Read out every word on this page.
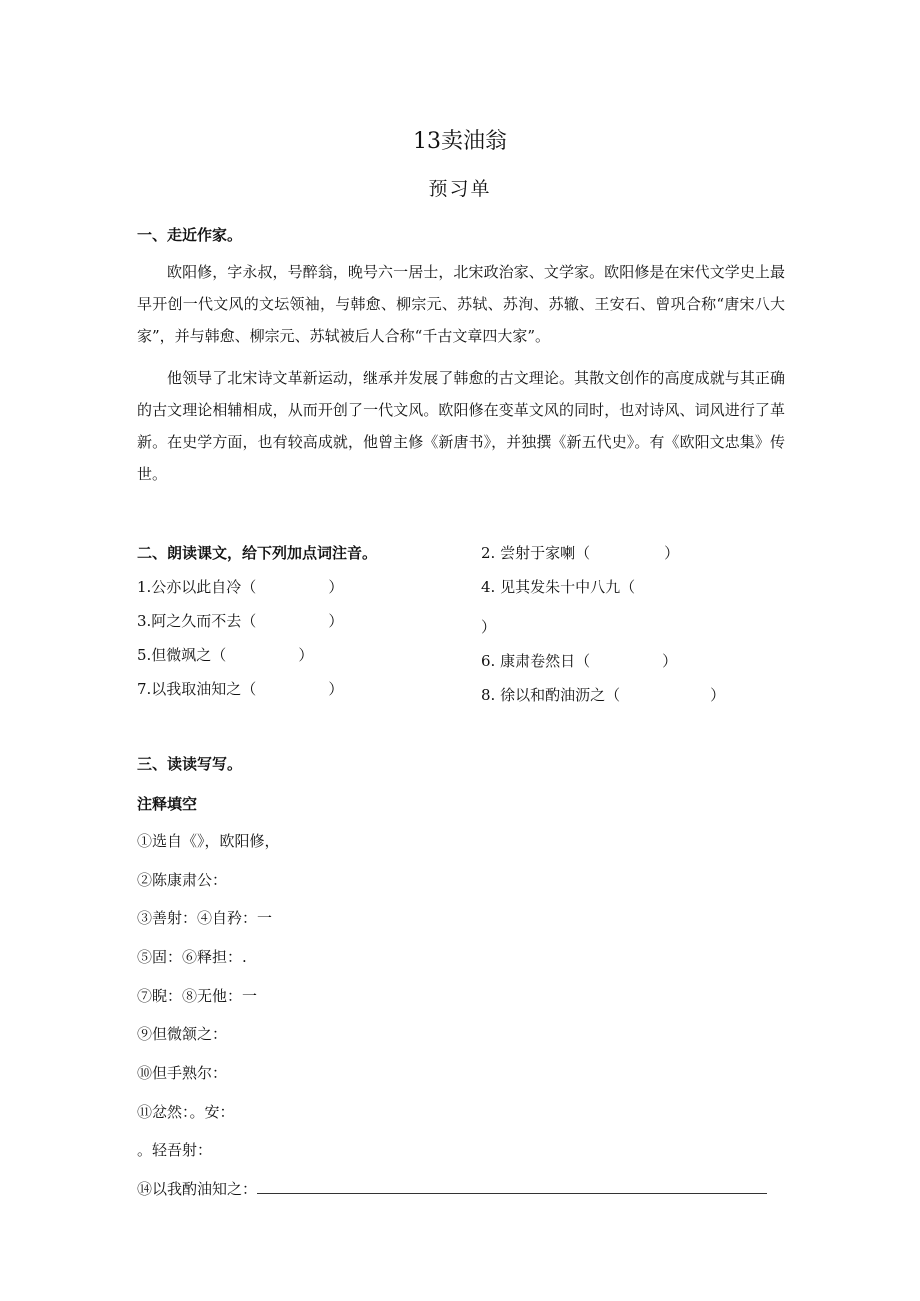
13卖油翁
预习单
一、走近作家。
欧阳修，字永叔，号醉翁，晚号六一居士，北宋政治家、文学家。欧阳修是在宋代文学史上最早开创一代文风的文坛领袖，与韩愈、柳宗元、苏轼、苏洵、苏辙、王安石、曾巩合称“唐宋八大家”，并与韩愈、柳宗元、苏轼被后人合称“千古文章四大家”。
他领导了北宋诗文革新运动，继承并发展了韩愈的古文理论。其散文创作的高度成就与其正确的古文理论相辅相成，从而开创了一代文风。欧阳修在变革文风的同时，也对诗风、词风进行了革新。在史学方面，也有较高成就，他曾主修《新唐书》，并独撰《新五代史》。有《欧阳文忠集》传世。
二、朗读课文，给下列加点词注音。	2. 尝射于家喇（	）
1.公亦以此自冷（	）	4. 见其发朱十中八九（
）
3.阿之久而不去（	）
5.但微飒之（	）	6. 康肃卷然日（	）
7.以我取油知之（	）	8. 徐以和酌油沥之（	）
三、读读写写。
注释填空
①选自《》，欧阳修，
②陈康肃公：
③善射：④自矜：一
⑤固：⑥释担：.
⑦睨：⑧无他：一
⑨但微颔之：
⑩但手熟尔：
⑪忿然：。安：
。轻吾射：
⑭以我酌油知之：
